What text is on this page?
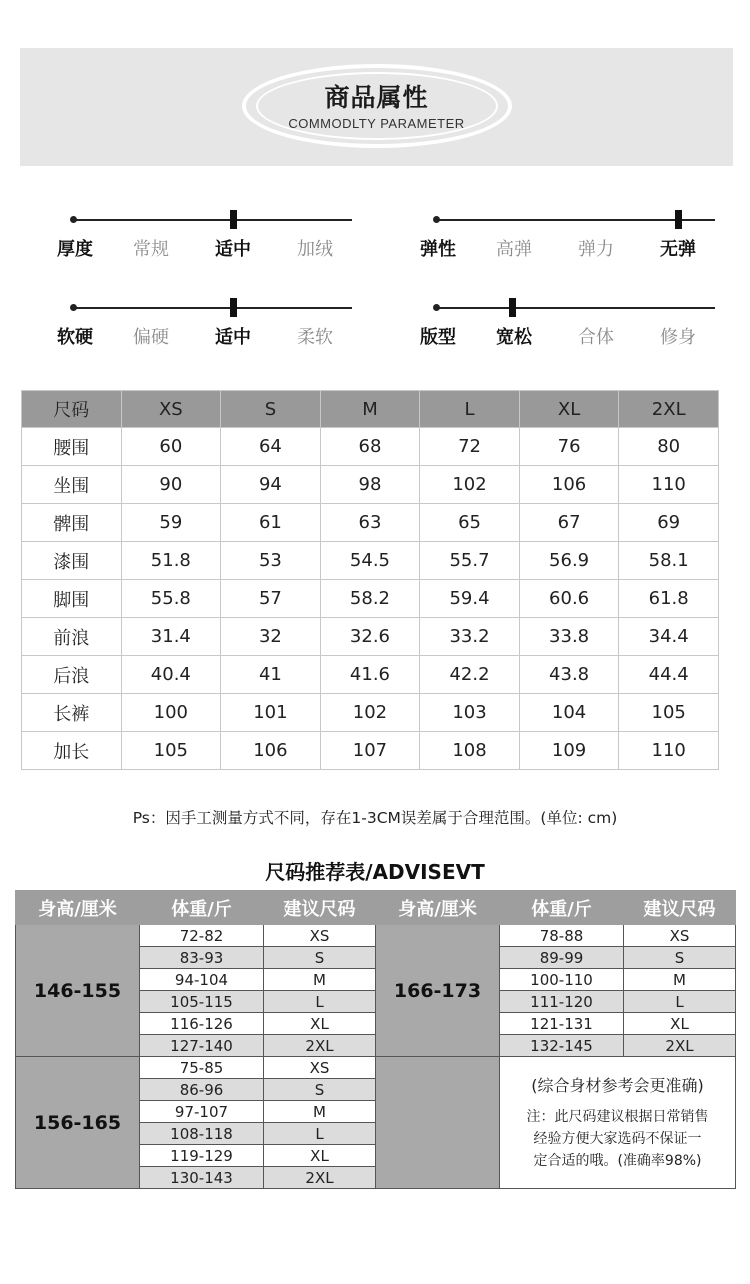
商品属性
COMMODLTY PARAMETER
厚度	常规	适中	加绒	弹性	高弹	弹力	无弹
软硬	偏硬	适中	柔软	版型	宽松	合体	修身
尺码	XS	S	M	L	XL	2XL
腰围	60	64	68	72	76	80
坐围	90	94	98	102	106	110
髀围	59	61	63	65	67	69
漆围	51.8	53	54.5	55.7	56.9	58.1
脚围	55.8	57	58.2	59.4	60.6	61.8
前浪	31.4	32	32.6	33.2	33.8	34.4
后浪	40.4	41	41.6	42.2	43.8	44.4
长裤	100	101	102	103	104	105
加长	105	106	107	108	109	110
Ps：因手工测量方式不同，存在1-3CM误差属于合理范围。(单位: cm)
尺码推荐表/ADVISEVT
身高/厘米	体重/斤	建议尺码	身高/厘米	体重/斤	建议尺码
146-155	72-82	XS	166-173	78-88	XS
	83-93	S		89-99	S
	94-104	M		100-110	M
	105-115	L		111-120	L
	116-126	XL		121-131	XL
	127-140	2XL		132-145	2XL
156-165	75-85	XS		(综合身材参考会更准确)
注：此尺码建议根据日常销售
经验方便大家选码不保证一
定合适的哦。(准确率98%)	

	86-96	S			
	97-107	M			
	108-118	L			
	119-129	XL			
	130-143	2XL			
